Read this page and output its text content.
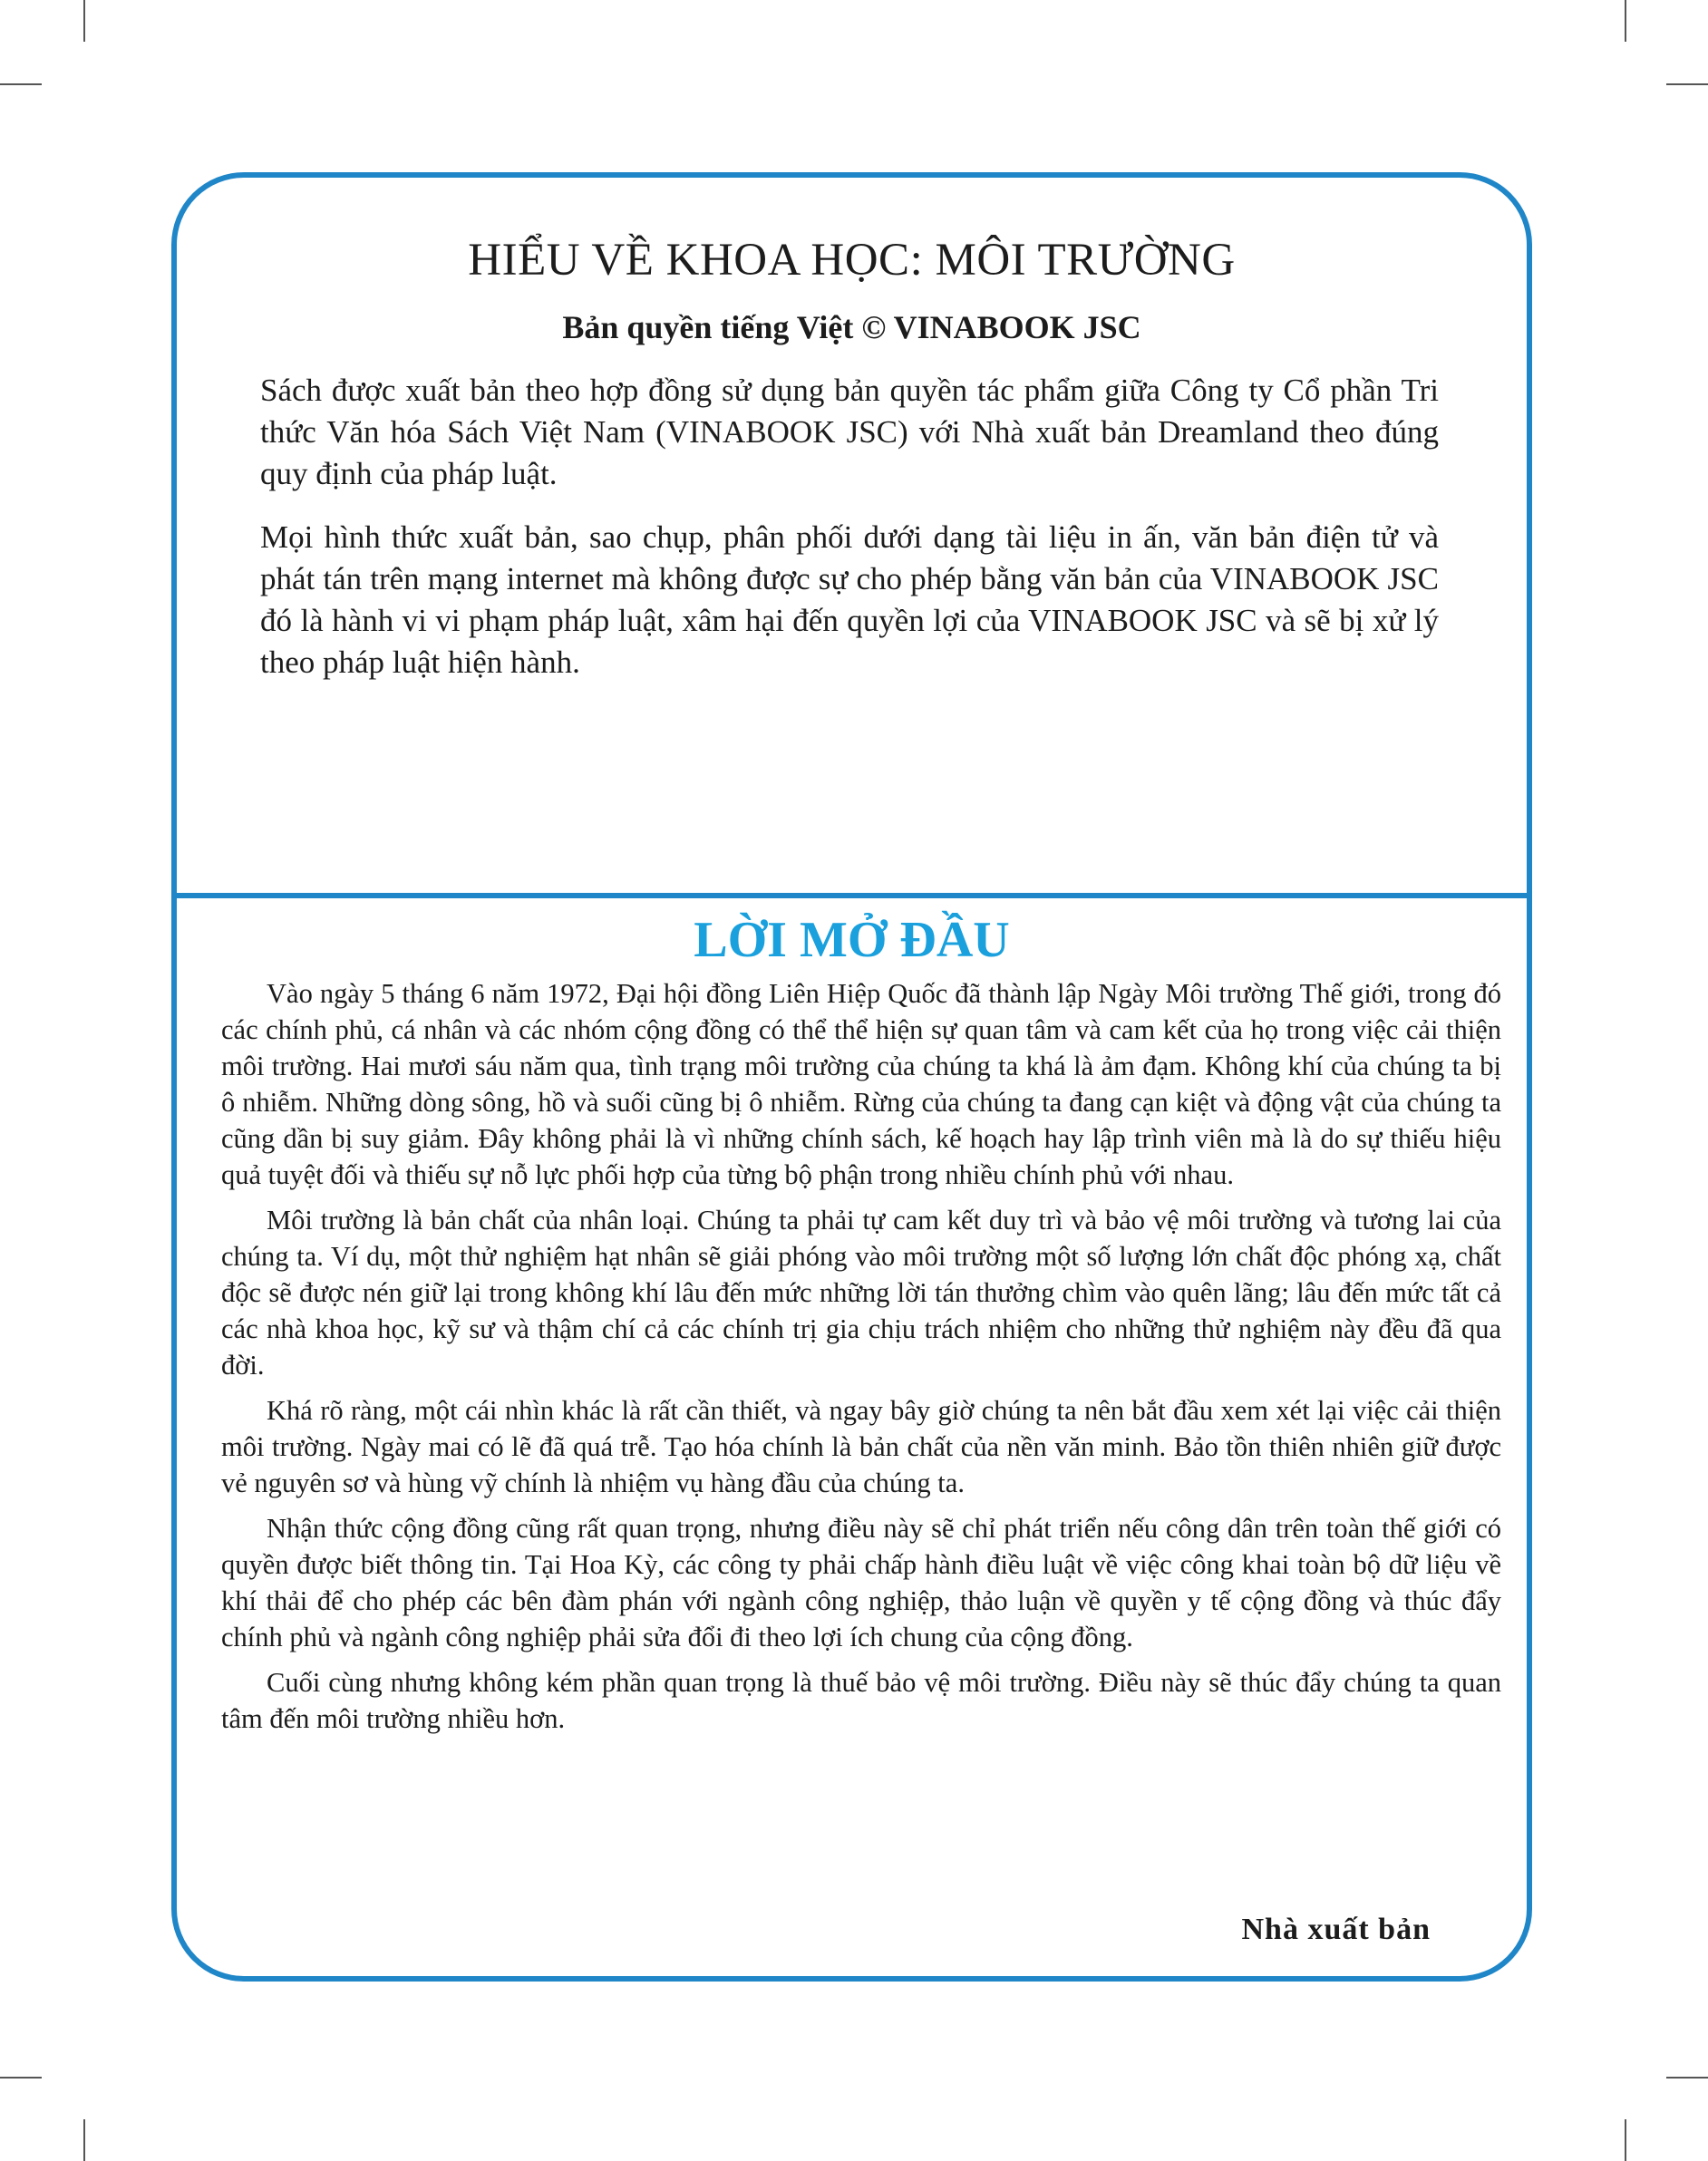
HIỂU VỀ KHOA HỌC: MÔI TRƯỜNG
Bản quyền tiếng Việt © VINABOOK JSC

Sách được xuất bản theo hợp đồng sử dụng bản quyền tác phẩm giữa Công ty Cổ phần Tri thức Văn hóa Sách Việt Nam (VINABOOK JSC) với Nhà xuất bản Dreamland theo đúng quy định của pháp luật.

Mọi hình thức xuất bản, sao chụp, phân phối dưới dạng tài liệu in ấn, văn bản điện tử và phát tán trên mạng internet mà không được sự cho phép bằng văn bản của VINABOOK JSC đó là hành vi vi phạm pháp luật, xâm hại đến quyền lợi của VINABOOK JSC và sẽ bị xử lý theo pháp luật hiện hành.

LỜI MỞ ĐẦU

Vào ngày 5 tháng 6 năm 1972, Đại hội đồng Liên Hiệp Quốc đã thành lập Ngày Môi trường Thế giới, trong đó các chính phủ, cá nhân và các nhóm cộng đồng có thể thể hiện sự quan tâm và cam kết của họ trong việc cải thiện môi trường. Hai mươi sáu năm qua, tình trạng môi trường của chúng ta khá là ảm đạm. Không khí của chúng ta bị ô nhiễm. Những dòng sông, hồ và suối cũng bị ô nhiễm. Rừng của chúng ta đang cạn kiệt và động vật của chúng ta cũng dần bị suy giảm. Đây không phải là vì những chính sách, kế hoạch hay lập trình viên mà là do sự thiếu hiệu quả tuyệt đối và thiếu sự nỗ lực phối hợp của từng bộ phận trong nhiều chính phủ với nhau.

Môi trường là bản chất của nhân loại. Chúng ta phải tự cam kết duy trì và bảo vệ môi trường và tương lai của chúng ta. Ví dụ, một thử nghiệm hạt nhân sẽ giải phóng vào môi trường một số lượng lớn chất độc phóng xạ, chất độc sẽ được nén giữ lại trong không khí lâu đến mức những lời tán thưởng chìm vào quên lãng; lâu đến mức tất cả các nhà khoa học, kỹ sư và thậm chí cả các chính trị gia chịu trách nhiệm cho những thử nghiệm này đều đã qua đời.

Khá rõ ràng, một cái nhìn khác là rất cần thiết, và ngay bây giờ chúng ta nên bắt đầu xem xét lại việc cải thiện môi trường. Ngày mai có lẽ đã quá trễ. Tạo hóa chính là bản chất của nền văn minh. Bảo tồn thiên nhiên giữ được vẻ nguyên sơ và hùng vỹ chính là nhiệm vụ hàng đầu của chúng ta.

Nhận thức cộng đồng cũng rất quan trọng, nhưng điều này sẽ chỉ phát triển nếu công dân trên toàn thế giới có quyền được biết thông tin. Tại Hoa Kỳ, các công ty phải chấp hành điều luật về việc công khai toàn bộ dữ liệu về khí thải để cho phép các bên đàm phán với ngành công nghiệp, thảo luận về quyền y tế cộng đồng và thúc đẩy chính phủ và ngành công nghiệp phải sửa đổi đi theo lợi ích chung của cộng đồng.

Cuối cùng nhưng không kém phần quan trọng là thuế bảo vệ môi trường. Điều này sẽ thúc đẩy chúng ta quan tâm đến môi trường nhiều hơn.

Nhà xuất bản
